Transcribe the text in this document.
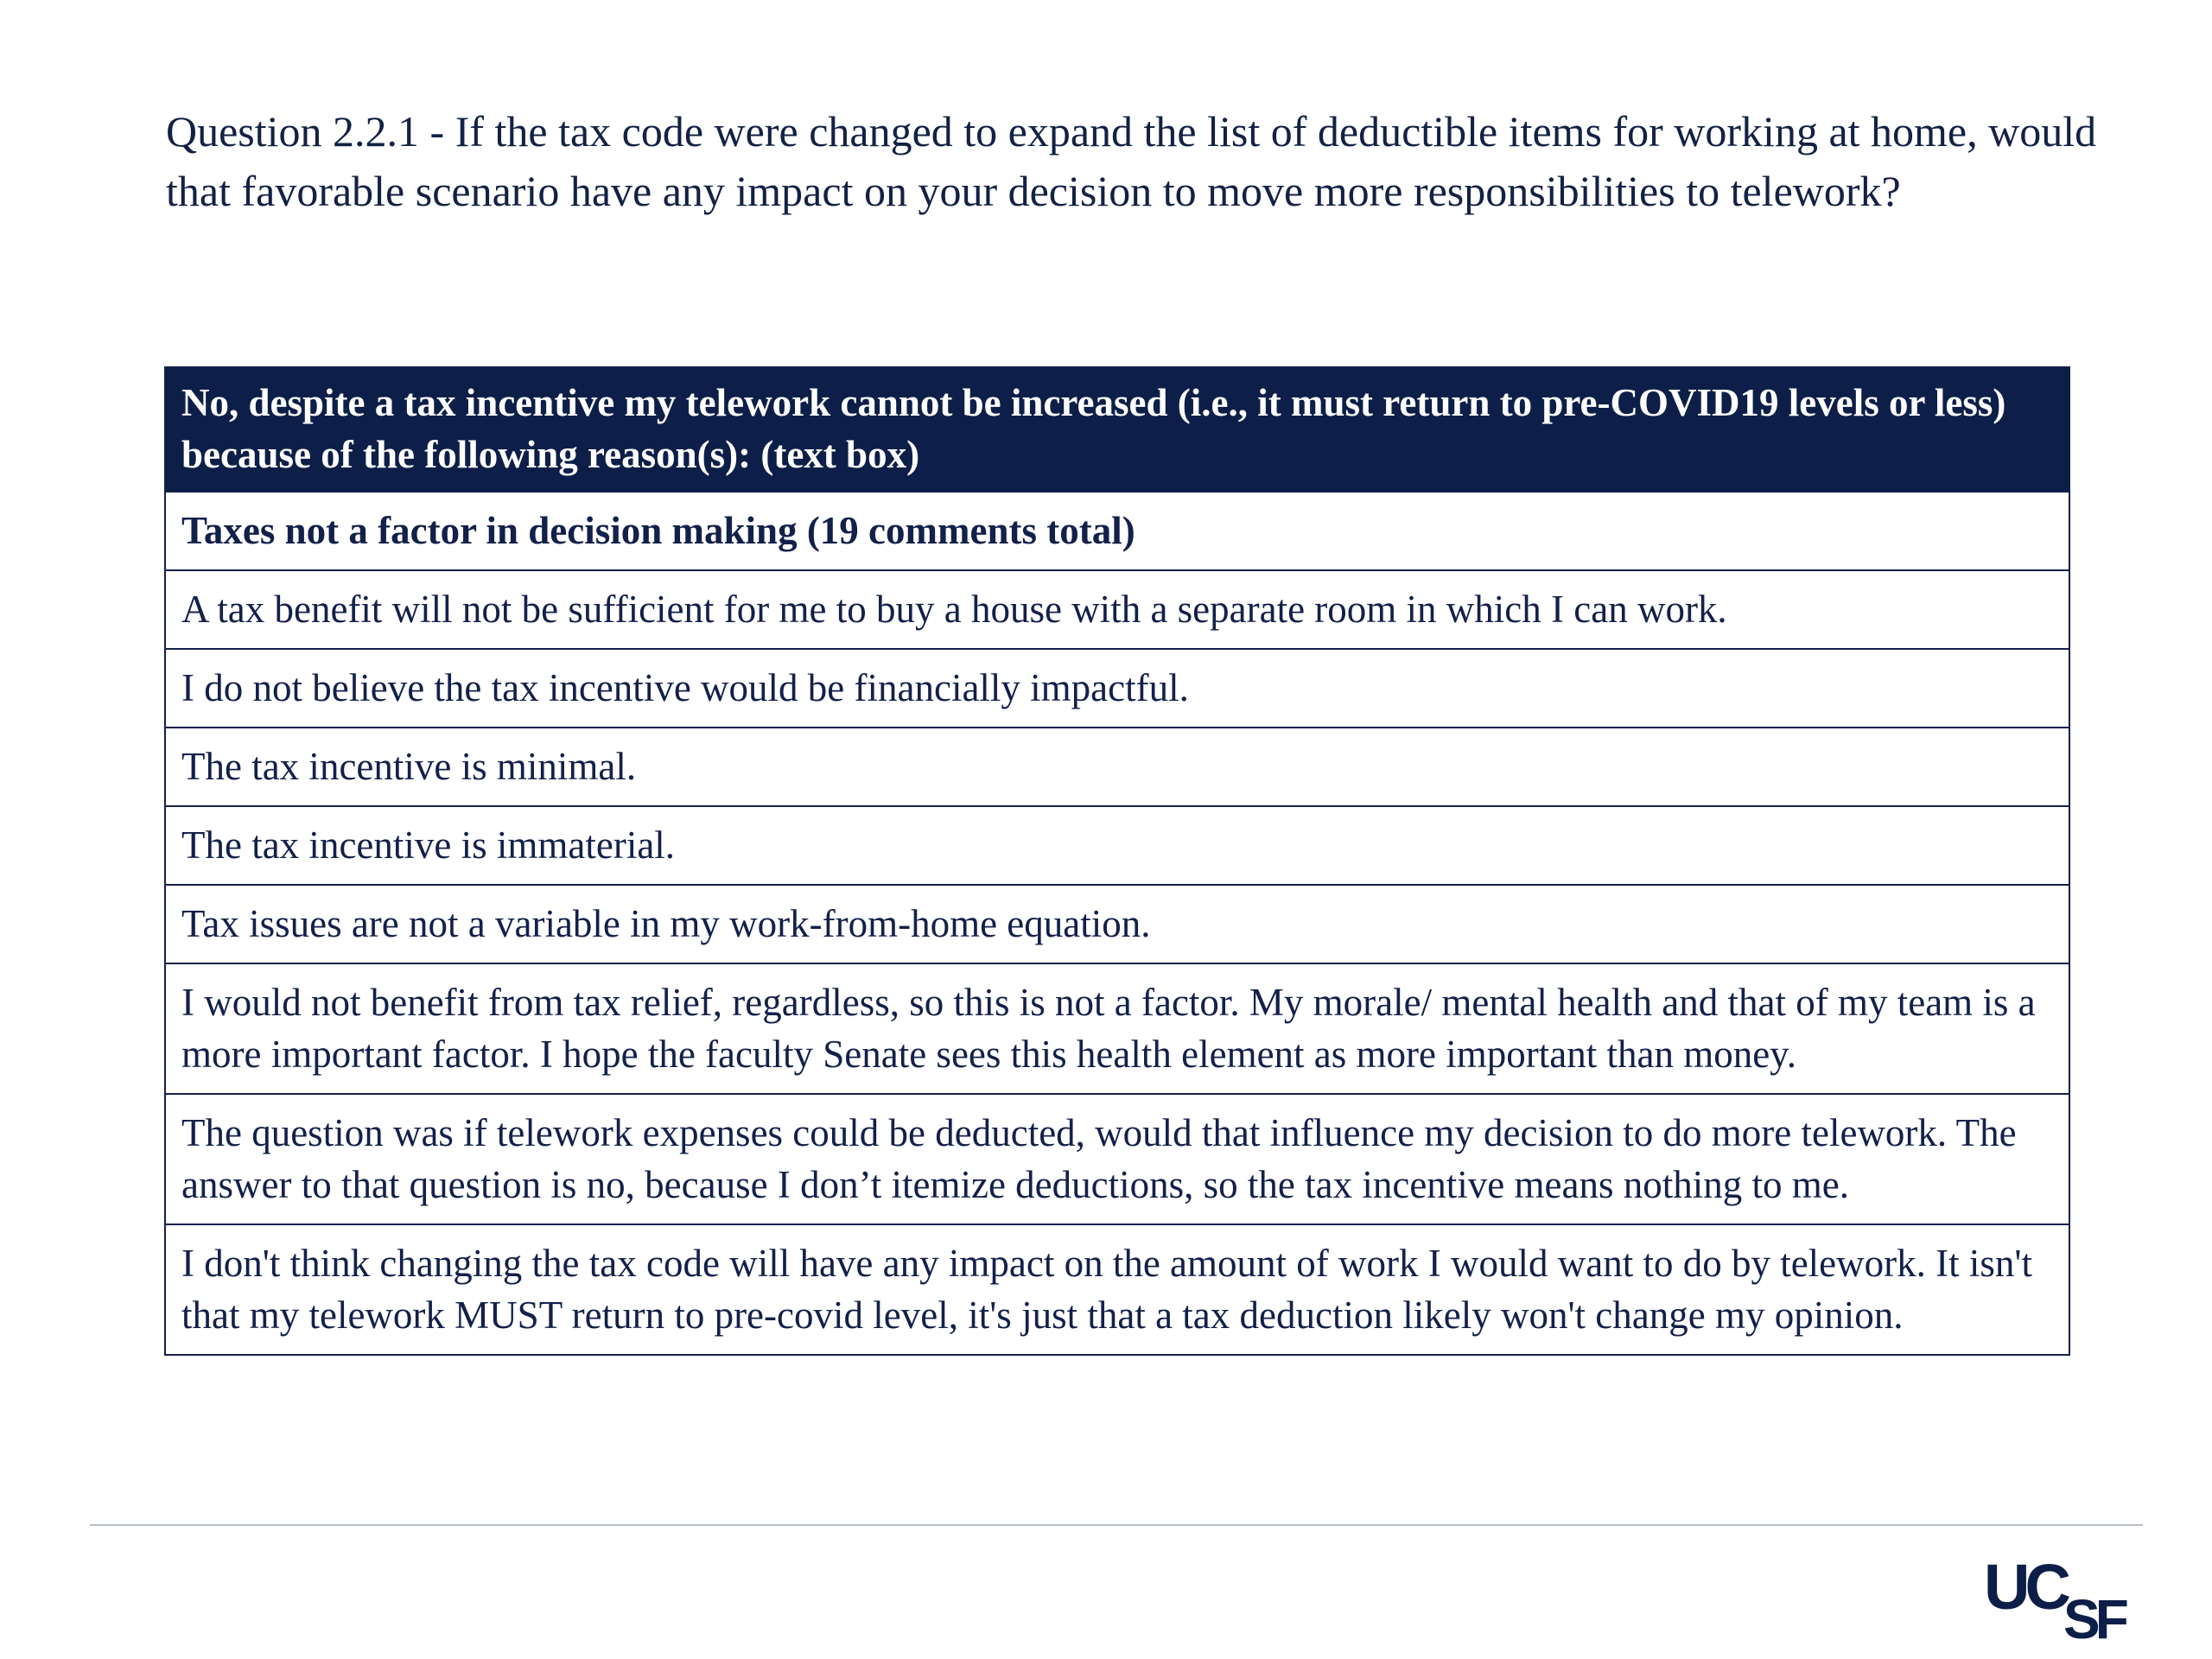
Question 2.2.1 - If the tax code were changed to expand the list of deductible items for working at home, would that favorable scenario have any impact on your decision to move more responsibilities to telework?

No, despite a tax incentive my telework cannot be increased (i.e., it must return to pre-COVID19 levels or less) because of the following reason(s): (text box)
Taxes not a factor in decision making (19 comments total)
A tax benefit will not be sufficient for me to buy a house with a separate room in which I can work.
I do not believe the tax incentive would be financially impactful.
The tax incentive is minimal.
The tax incentive is immaterial.
Tax issues are not a variable in my work-from-home equation.
I would not benefit from tax relief, regardless, so this is not a factor. My morale/ mental health and that of my team is a more important factor. I hope the faculty Senate sees this health element as more important than money.
The question was if telework expenses could be deducted, would that influence my decision to do more telework. The answer to that question is no, because I don’t itemize deductions, so the tax incentive means nothing to me.
I don't think changing the tax code will have any impact on the amount of work I would want to do by telework. It isn't that my telework MUST return to pre-covid level, it's just that a tax deduction likely won't change my opinion.
UC
SF
